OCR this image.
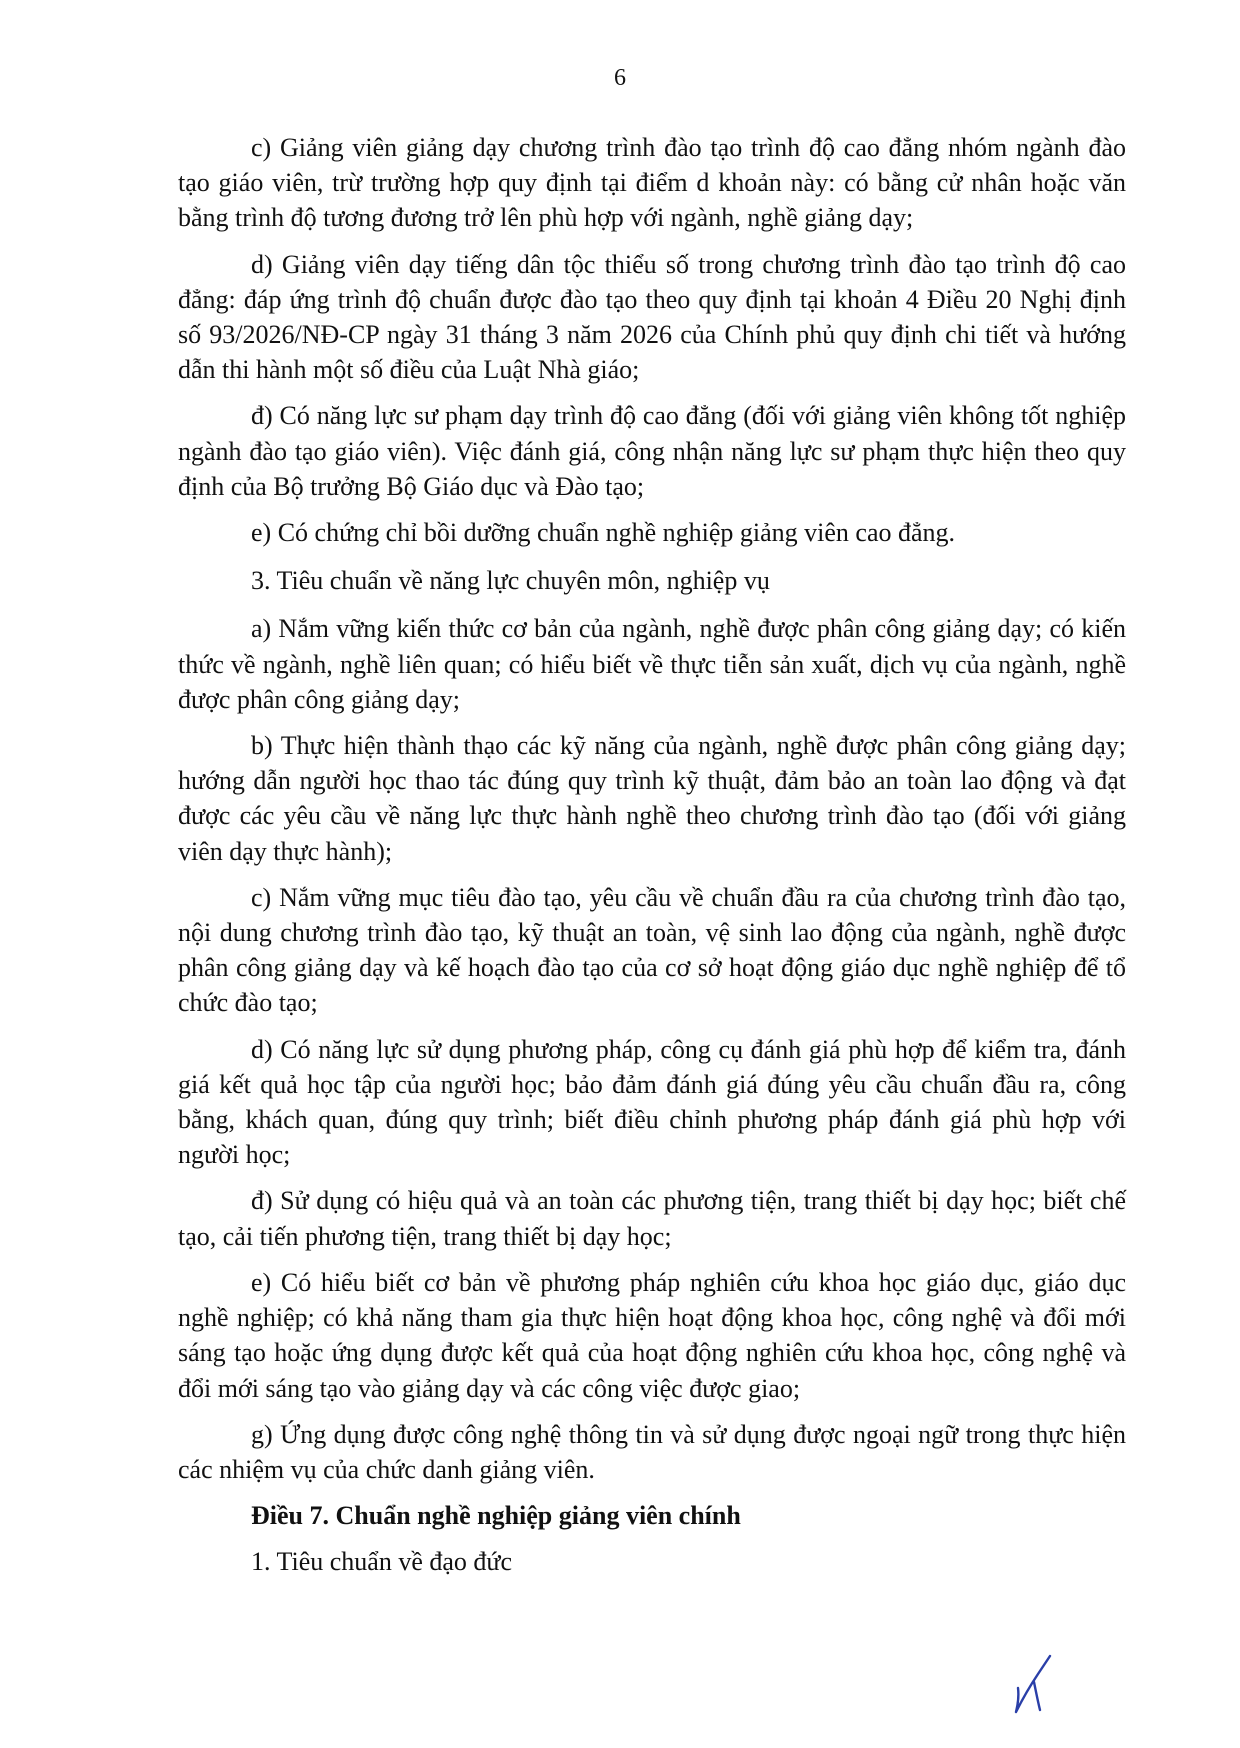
6

c) Giảng viên giảng dạy chương trình đào tạo trình độ cao đẳng nhóm ngành đào tạo giáo viên, trừ trường hợp quy định tại điểm d khoản này: có bằng cử nhân hoặc văn bằng trình độ tương đương trở lên phù hợp với ngành, nghề giảng dạy;

d) Giảng viên dạy tiếng dân tộc thiểu số trong chương trình đào tạo trình độ cao đẳng: đáp ứng trình độ chuẩn được đào tạo theo quy định tại khoản 4 Điều 20 Nghị định số 93/2026/NĐ-CP ngày 31 tháng 3 năm 2026 của Chính phủ quy định chi tiết và hướng dẫn thi hành một số điều của Luật Nhà giáo;

đ) Có năng lực sư phạm dạy trình độ cao đẳng (đối với giảng viên không tốt nghiệp ngành đào tạo giáo viên). Việc đánh giá, công nhận năng lực sư phạm thực hiện theo quy định của Bộ trưởng Bộ Giáo dục và Đào tạo;

e) Có chứng chỉ bồi dưỡng chuẩn nghề nghiệp giảng viên cao đẳng.

3. Tiêu chuẩn về năng lực chuyên môn, nghiệp vụ

a) Nắm vững kiến thức cơ bản của ngành, nghề được phân công giảng dạy; có kiến thức về ngành, nghề liên quan; có hiểu biết về thực tiễn sản xuất, dịch vụ của ngành, nghề được phân công giảng dạy;

b) Thực hiện thành thạo các kỹ năng của ngành, nghề được phân công giảng dạy; hướng dẫn người học thao tác đúng quy trình kỹ thuật, đảm bảo an toàn lao động và đạt được các yêu cầu về năng lực thực hành nghề theo chương trình đào tạo (đối với giảng viên dạy thực hành);

c) Nắm vững mục tiêu đào tạo, yêu cầu về chuẩn đầu ra của chương trình đào tạo, nội dung chương trình đào tạo, kỹ thuật an toàn, vệ sinh lao động của ngành, nghề được phân công giảng dạy và kế hoạch đào tạo của cơ sở hoạt động giáo dục nghề nghiệp để tổ chức đào tạo;

d) Có năng lực sử dụng phương pháp, công cụ đánh giá phù hợp để kiểm tra, đánh giá kết quả học tập của người học; bảo đảm đánh giá đúng yêu cầu chuẩn đầu ra, công bằng, khách quan, đúng quy trình; biết điều chỉnh phương pháp đánh giá phù hợp với người học;

đ) Sử dụng có hiệu quả và an toàn các phương tiện, trang thiết bị dạy học; biết chế tạo, cải tiến phương tiện, trang thiết bị dạy học;

e) Có hiểu biết cơ bản về phương pháp nghiên cứu khoa học giáo dục, giáo dục nghề nghiệp; có khả năng tham gia thực hiện hoạt động khoa học, công nghệ và đổi mới sáng tạo hoặc ứng dụng được kết quả của hoạt động nghiên cứu khoa học, công nghệ và đổi mới sáng tạo vào giảng dạy và các công việc được giao;

g) Ứng dụng được công nghệ thông tin và sử dụng được ngoại ngữ trong thực hiện các nhiệm vụ của chức danh giảng viên.

Điều 7. Chuẩn nghề nghiệp giảng viên chính

1. Tiêu chuẩn về đạo đức
